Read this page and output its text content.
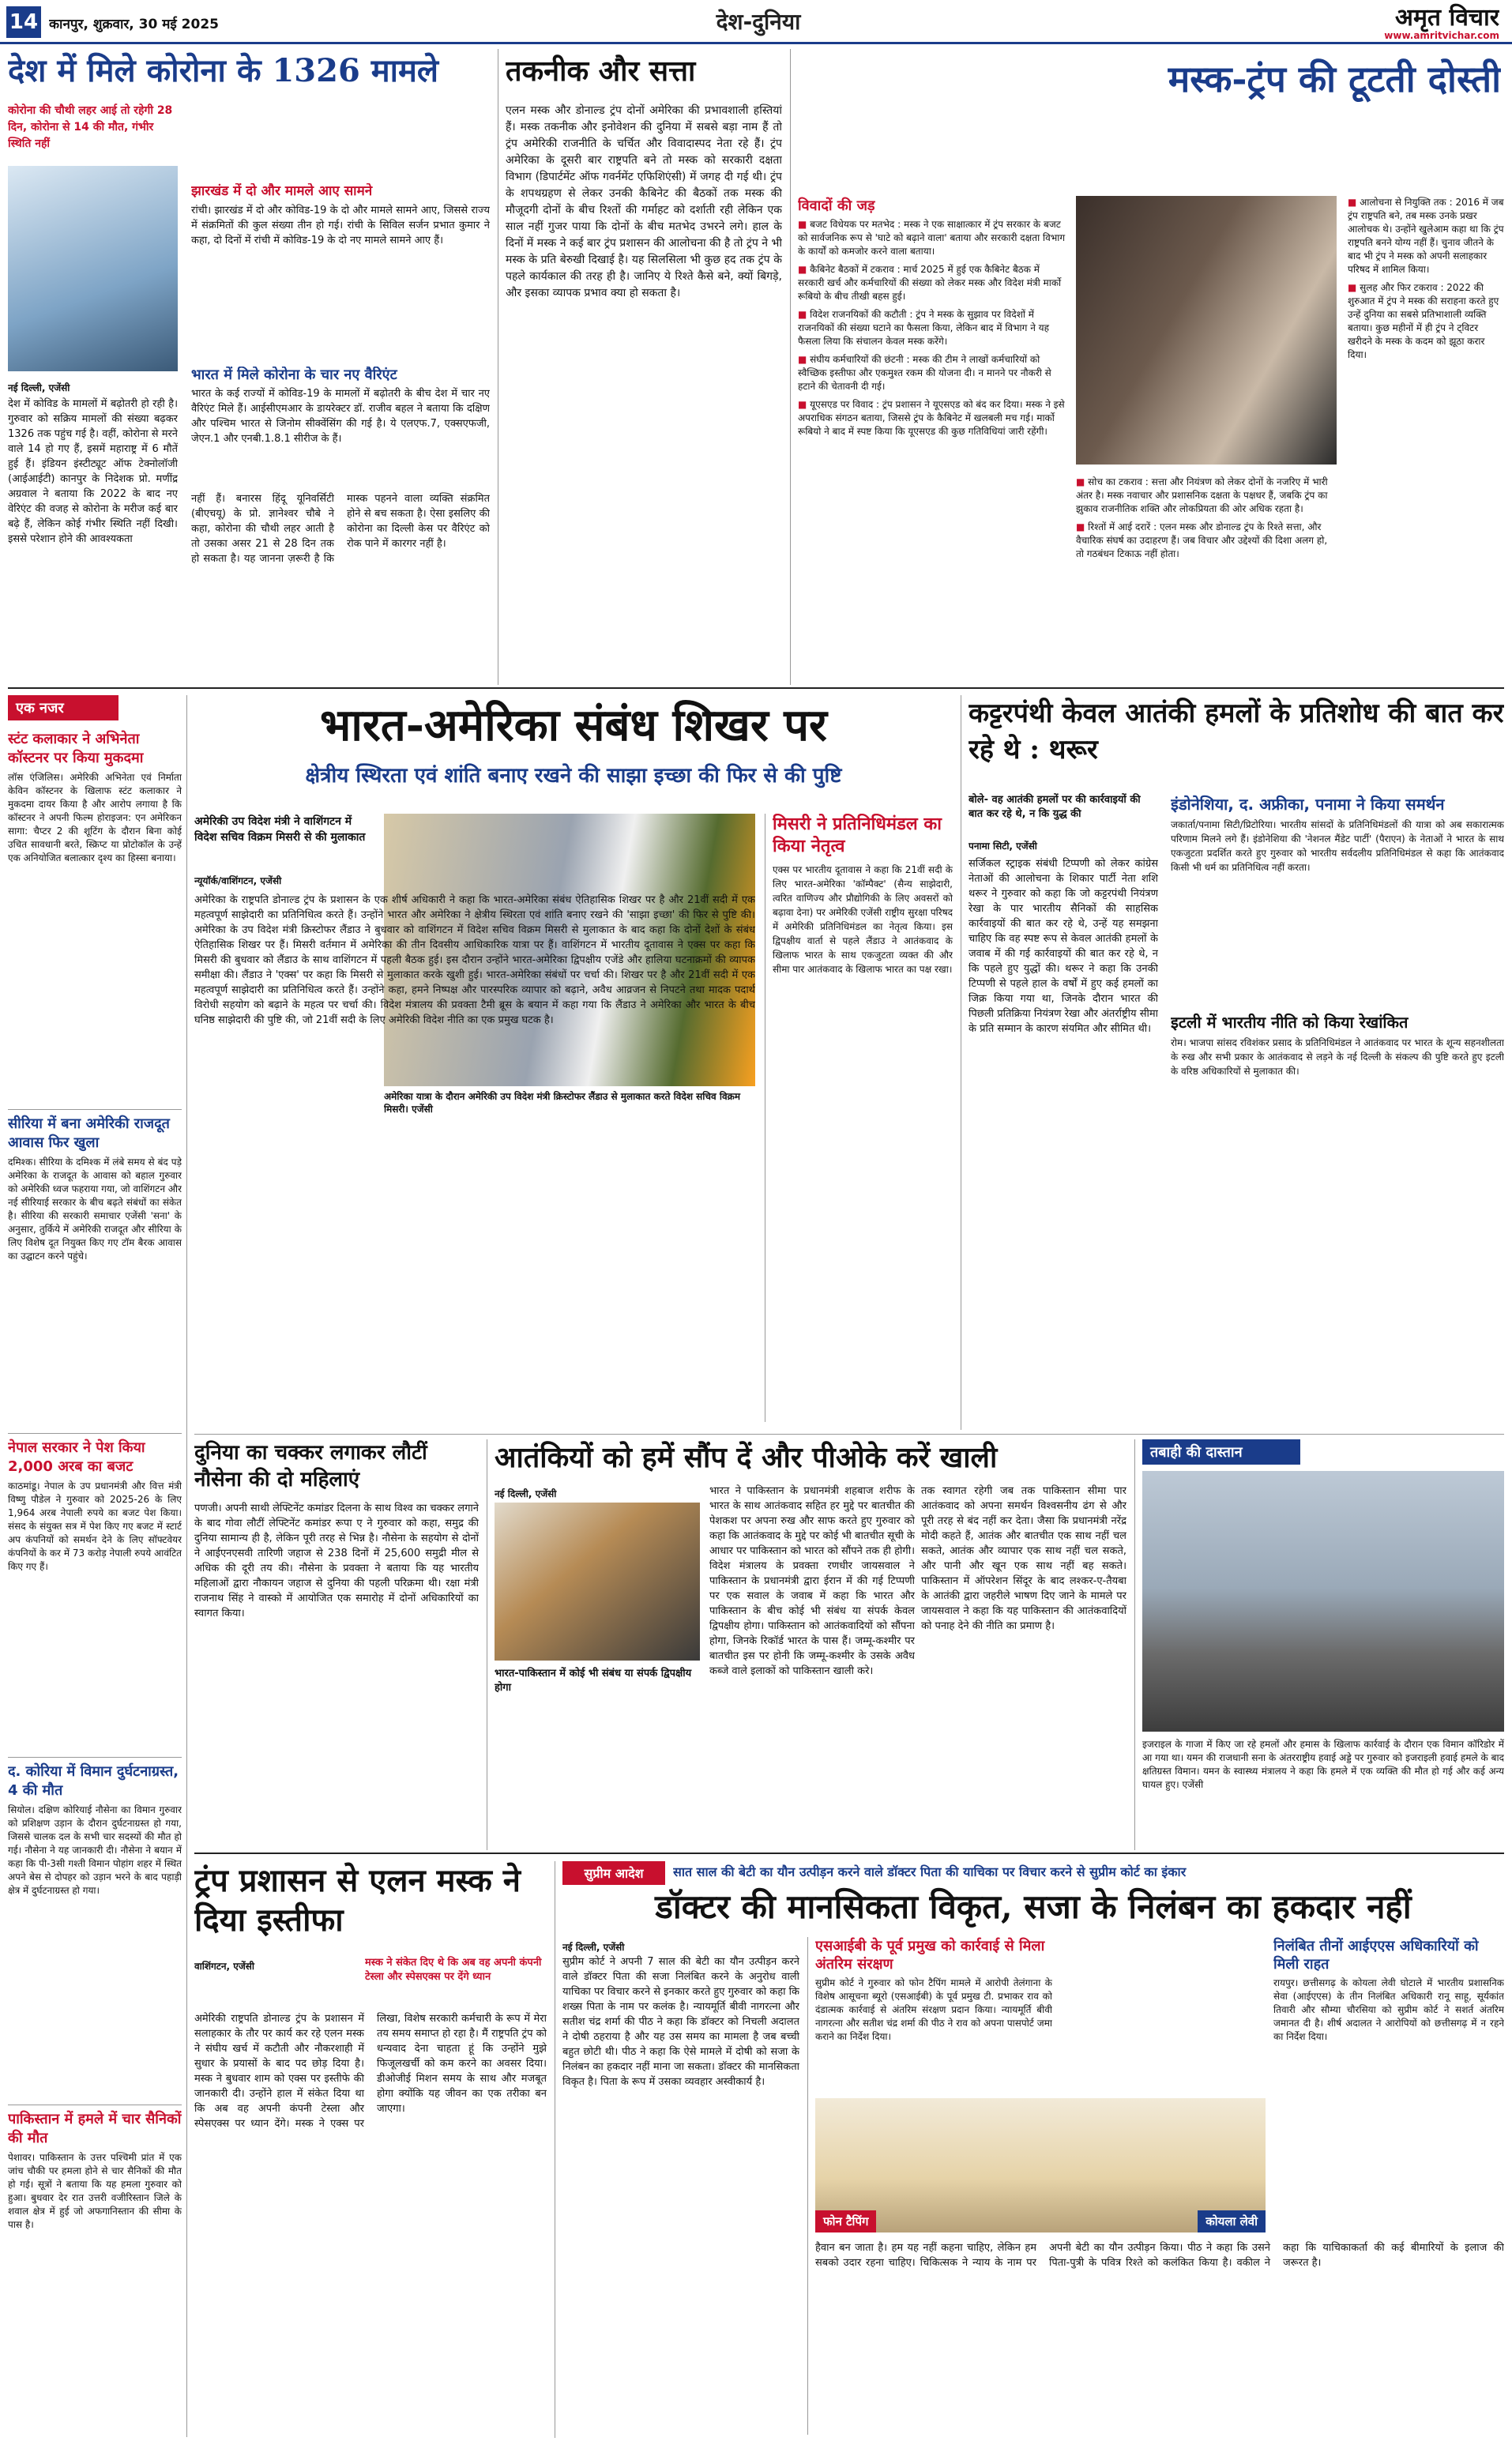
14 कानपुर, शुक्रवार, 30 मई 2025	देश-दुनिया	अमृत विचार
www.amritvichar.com
देश में मिले कोरोना के 1326 मामले
कोरोना की चौथी लहर आई तो रहेगी 28 दिन, कोरोना से 14 की मौत, गंभीर स्थिति नहीं
नई दिल्ली, एजेंसी
देश में कोविड के मामलों में बढ़ोतरी हो रही है। गुरुवार को सक्रिय मामलों की संख्या बढ़कर 1326 तक पहुंच गई है। वहीं, कोरोना से मरने वाले 14 हो गए हैं, इसमें महाराष्ट्र में 6 मौतें हुई हैं। इंडियन इंस्टीट्यूट ऑफ टेक्नोलॉजी (आईआईटी) कानपुर के निदेशक प्रो. मणींद्र अग्रवाल ने बताया कि 2022 के बाद नए वेरिएंट की वजह से कोरोना के मरीज कई बार बढ़े हैं, लेकिन कोई गंभीर स्थिति नहीं दिखी। इससे परेशान होने की आवश्यकता
झारखंड में दो और मामले आए सामने
रांची। झारखंड में दो और कोविड-19 के दो और मामले सामने आए, जिससे राज्य में संक्रमितों की कुल संख्या तीन हो गई। रांची के सिविल सर्जन प्रभात कुमार ने कहा, दो दिनों में रांची में कोविड-19 के दो नए मामले सामने आए हैं।
भारत में मिले कोरोना के चार नए वैरिएंट
भारत के कई राज्यों में कोविड-19 के मामलों में बढ़ोतरी के बीच देश में चार नए वैरिएंट मिले हैं। आईसीएमआर के डायरेक्टर डॉ. राजीव बहल ने बताया कि दक्षिण और पश्चिम भारत से जिनोम सीक्वेंसिंग की गई है। ये एलएफ.7, एक्सएफजी, जेएन.1 और एनबी.1.8.1 सीरीज के हैं।
नहीं हैं। बनारस हिंदू यूनिवर्सिटी (बीएचयू) के प्रो. ज्ञानेश्वर चौबे ने कहा, कोरोना की चौथी लहर आती है तो उसका असर 21 से 28 दिन तक हो सकता है। यह जानना ज़रूरी है कि मास्क पहनने वाला व्यक्ति संक्रमित होने से बच सकता है। ऐसा इसलिए की कोरोना का दिल्ली केस पर वैरिएंट को रोक पाने में कारगर नहीं है।
तकनीक और सत्ता
एलन मस्क और डोनाल्ड ट्रंप दोनों अमेरिका की प्रभावशाली हस्तियां हैं। मस्क तकनीक और इनोवेशन की दुनिया में सबसे बड़ा नाम हैं तो ट्रंप अमेरिकी राजनीति के चर्चित और विवादास्पद नेता रहे हैं। ट्रंप अमेरिका के दूसरी बार राष्ट्रपति बने तो मस्क को सरकारी दक्षता विभाग (डिपार्टमेंट ऑफ गवर्नमेंट एफिशिएंसी) में जगह दी गई थी। ट्रंप के शपथग्रहण से लेकर उनकी कैबिनेट की बैठकों तक मस्क की मौजूदगी दोनों के बीच रिश्तों की गर्माहट को दर्शाती रही लेकिन एक साल नहीं गुजर पाया कि दोनों के बीच मतभेद उभरने लगे। हाल के दिनों में मस्क ने कई बार ट्रंप प्रशासन की आलोचना की है तो ट्रंप ने भी मस्क के प्रति बेरुखी दिखाई है। यह सिलसिला भी कुछ हद तक ट्रंप के पहले कार्यकाल की तरह ही है। जानिए ये रिश्ते कैसे बने, क्यों बिगड़े, और इसका व्यापक प्रभाव क्या हो सकता है।
मस्क-ट्रंप की टूटती दोस्ती
विवादों की जड़
■ बजट विधेयक पर मतभेद : मस्क ने एक साक्षात्कार में ट्रंप सरकार के बजट को सार्वजनिक रूप से 'घाटे को बढ़ाने वाला' बताया और सरकारी दक्षता विभाग के कार्यों को कमजोर करने वाला बताया।
■ कैबिनेट बैठकों में टकराव : मार्च 2025 में हुई एक कैबिनेट बैठक में सरकारी खर्च और कर्मचारियों की संख्या को लेकर मस्क और विदेश मंत्री मार्को रूबियो के बीच तीखी बहस हुई।
■ विदेश राजनयिकों की कटौती : ट्रंप ने मस्क के सुझाव पर विदेशों में राजनयिकों की संख्या घटाने का फैसला किया, लेकिन बाद में विभाग ने यह फैसला लिया कि संचालन केवल मस्क करेंगे।
■ संघीय कर्मचारियों की छंटनी : मस्क की टीम ने लाखों कर्मचारियों को स्वैच्छिक इस्तीफा और एकमुश्त रकम की योजना दी। न मानने पर नौकरी से हटाने की चेतावनी दी गई।
■ यूएसएड पर विवाद : ट्रंप प्रशासन ने यूएसएड को बंद कर दिया। मस्क ने इसे अपराधिक संगठन बताया, जिससे ट्रंप के कैबिनेट में खलबली मच गई। मार्को रूबियो ने बाद में स्पष्ट किया कि यूएसएड की कुछ गतिविधियां जारी रहेंगी।
■ सोच का टकराव : सत्ता और नियंत्रण को लेकर दोनों के नजरिए में भारी अंतर है। मस्क नवाचार और प्रशासनिक दक्षता के पक्षधर हैं, जबकि ट्रंप का झुकाव राजनीतिक शक्ति और लोकप्रियता की ओर अधिक रहता है।
■ रिश्तों में आई दरारें : एलन मस्क और डोनाल्ड ट्रंप के रिश्ते सत्ता, और वैचारिक संघर्ष का उदाहरण हैं। जब विचार और उद्देश्यों की दिशा अलग हो, तो गठबंधन टिकाऊ नहीं होता।
■ आलोचना से नियुक्ति तक : 2016 में जब ट्रंप राष्ट्रपति बने, तब मस्क उनके प्रखर आलोचक थे। उन्होंने खुलेआम कहा था कि ट्रंप राष्ट्रपति बनने योग्य नहीं हैं। चुनाव जीतने के बाद भी ट्रंप ने मस्क को अपनी सलाहकार परिषद में शामिल किया।
■ सुलह और फिर टकराव : 2022 की शुरुआत में ट्रंप ने मस्क की सराहना करते हुए उन्हें दुनिया का सबसे प्रतिभाशाली व्यक्ति बताया। कुछ महीनों में ही ट्रंप ने ट्विटर खरीदने के मस्क के कदम को झूठा करार दिया।
एक नजर
स्टंट कलाकार ने अभिनेता कॉस्टनर पर किया मुकदमा
लॉस एंजिलिस। अमेरिकी अभिनेता एवं निर्माता केविन कॉस्टनर के खिलाफ स्टंट कलाकार ने मुकदमा दायर किया है और आरोप लगाया है कि कॉस्टनर ने अपनी फिल्म होराइजन: एन अमेरिकन सागा: चैप्टर 2 की शूटिंग के दौरान बिना कोई उचित सावधानी बरते, स्क्रिप्ट या प्रोटोकॉल के उन्हें एक अनियोजित बलात्कार दृश्य का हिस्सा बनाया।
सीरिया में बना अमेरिकी राजदूत आवास फिर खुला
दमिश्क। सीरिया के दमिश्क में लंबे समय से बंद पड़े अमेरिका के राजदूत के आवास को बहाल गुरुवार को अमेरिकी ध्वज फहराया गया, जो वाशिंगटन और नई सीरियाई सरकार के बीच बढ़ते संबंधों का संकेत है। सीरिया की सरकारी समाचार एजेंसी 'सना' के अनुसार, तुर्किये में अमेरिकी राजदूत और सीरिया के लिए विशेष दूत नियुक्त किए गए टॉम बैरक आवास का उद्घाटन करने पहुंचे।
नेपाल सरकार ने पेश किया 2,000 अरब का बजट
काठमांडू। नेपाल के उप प्रधानमंत्री और वित्त मंत्री विष्णु पौडेल ने गुरुवार को 2025-26 के लिए 1,964 अरब नेपाली रुपये का बजट पेश किया। संसद के संयुक्त सत्र में पेश किए गए बजट में स्टार्ट अप कंपनियों को समर्थन देने के लिए सॉफ्टवेयर कंपनियों के कर में 73 करोड़ नेपाली रुपये आवंटित किए गए हैं।
द. कोरिया में विमान दुर्घटनाग्रस्त, 4 की मौत
सियोल। दक्षिण कोरियाई नौसेना का विमान गुरुवार को प्रशिक्षण उड़ान के दौरान दुर्घटनाग्रस्त हो गया, जिससे चालक दल के सभी चार सदस्यों की मौत हो गई। नौसेना ने यह जानकारी दी। नौसेना ने बयान में कहा कि पी-3सी गश्ती विमान पोहांग शहर में स्थित अपने बेस से दोपहर को उड़ान भरने के बाद पहाड़ी क्षेत्र में दुर्घटनाग्रस्त हो गया।
पाकिस्तान में हमले में चार सैनिकों की मौत
पेशावर। पाकिस्तान के उत्तर पश्चिमी प्रांत में एक जांच चौकी पर हमला होने से चार सैनिकों की मौत हो गई। सूत्रों ने बताया कि यह हमला गुरुवार को हुआ। बुधवार देर रात उत्तरी वजीरिस्तान जिले के शवाल क्षेत्र में हुई जो अफगानिस्तान की सीमा के पास है।
भारत-अमेरिका संबंध शिखर पर
क्षेत्रीय स्थिरता एवं शांति बनाए रखने की साझा इच्छा की फिर से की पुष्टि
अमेरिकी उप विदेश मंत्री ने वाशिंगटन में विदेश सचिव विक्रम मिसरी से की मुलाकात
न्यूयॉर्क/वाशिंगटन, एजेंसी
अमेरिका यात्रा के दौरान अमेरिकी उप विदेश मंत्री क्रिस्टोफर लैंडाउ से मुलाकात करते विदेश सचिव विक्रम मिसरी। एजेंसी
अमेरिका के राष्ट्रपति डोनाल्ड ट्रंप के प्रशासन के एक शीर्ष अधिकारी ने कहा कि भारत-अमेरिका संबंध ऐतिहासिक शिखर पर है और 21वीं सदी में एक महत्वपूर्ण साझेदारी का प्रतिनिधित्व करते हैं। उन्होंने भारत और अमेरिका ने क्षेत्रीय स्थिरता एवं शांति बनाए रखने की 'साझा इच्छा' की फिर से पुष्टि की। अमेरिका के उप विदेश मंत्री क्रिस्टोफर लैंडाउ ने बुधवार को वाशिंगटन में विदेश सचिव विक्रम मिसरी से मुलाकात के बाद कहा कि दोनों देशों के संबंध ऐतिहासिक शिखर पर हैं। मिसरी वर्तमान में अमेरिका की तीन दिवसीय आधिकारिक यात्रा पर हैं। वाशिंगटन में भारतीय दूतावास ने एक्स पर कहा कि मिसरी की बुधवार को लैंडाउ के साथ वाशिंगटन में पहली बैठक हुई। इस दौरान उन्होंने भारत-अमेरिका द्विपक्षीय एजेंडे और हालिया घटनाक्रमों की व्यापक समीक्षा की। लैंडाउ ने 'एक्स' पर कहा कि मिसरी से मुलाकात करके खुशी हुई। भारत-अमेरिका संबंधों पर चर्चा की। शिखर पर है और 21वीं सदी में एक महत्वपूर्ण साझेदारी का प्रतिनिधित्व करते हैं। उन्होंने कहा, हमने निष्पक्ष और पारस्परिक व्यापार को बढ़ाने, अवैध आव्रजन से निपटने तथा मादक पदार्थ विरोधी सहयोग को बढ़ाने के महत्व पर चर्चा की। विदेश मंत्रालय की प्रवक्ता टैमी ब्रूस के बयान में कहा गया कि लैंडाउ ने अमेरिका और भारत के बीच घनिष्ठ साझेदारी की पुष्टि की, जो 21वीं सदी के लिए अमेरिकी विदेश नीति का एक प्रमुख घटक है।
मिसरी ने प्रतिनिधिमंडल का किया नेतृत्व
एक्स पर भारतीय दूतावास ने कहा कि 21वीं सदी के लिए भारत-अमेरिका 'कॉम्पैक्ट' (सैन्य साझेदारी, त्वरित वाणिज्य और प्रौद्योगिकी के लिए अवसरों को बढ़ावा देना) पर अमेरिकी एजेंसी राष्ट्रीय सुरक्षा परिषद में अमेरिकी प्रतिनिधिमंडल का नेतृत्व किया। इस द्विपक्षीय वार्ता से पहले लैंडाउ ने आतंकवाद के खिलाफ भारत के साथ एकजुटता व्यक्त की और सीमा पार आतंकवाद के खिलाफ भारत का पक्ष रखा।
कट्टरपंथी केवल आतंकी हमलों के प्रतिशोध की बात कर रहे थे : थरूर
बोले- वह आतंकी हमलों पर की कार्रवाइयों की बात कर रहे थे, न कि युद्ध की
पनामा सिटी, एजेंसी
सर्जिकल स्ट्राइक संबंधी टिप्पणी को लेकर कांग्रेस नेताओं की आलोचना के शिकार पार्टी नेता शशि थरूर ने गुरुवार को कहा कि जो कट्टरपंथी नियंत्रण रेखा के पार भारतीय सैनिकों की साहसिक कार्रवाइयों की बात कर रहे थे, उन्हें यह समझना चाहिए कि वह स्पष्ट रूप से केवल आतंकी हमलों के जवाब में की गई कार्रवाइयों की बात कर रहे थे, न कि पहले हुए युद्धों की। थरूर ने कहा कि उनकी टिप्पणी से पहले हाल के वर्षों में हुए कई हमलों का जिक्र किया गया था, जिनके दौरान भारत की पिछली प्रतिक्रिया नियंत्रण रेखा और अंतर्राष्ट्रीय सीमा के प्रति सम्मान के कारण संयमित और सीमित थी।
इंडोनेशिया, द. अफ्रीका, पनामा ने किया समर्थन
जकार्ता/पनामा सिटी/प्रिटोरिया। भारतीय सांसदों के प्रतिनिधिमंडलों की यात्रा को अब सकारात्मक परिणाम मिलने लगे हैं। इंडोनेशिया की 'नेशनल मैंडेट पार्टी' (पैराएन) के नेताओं ने भारत के साथ एकजुटता प्रदर्शित करते हुए गुरुवार को भारतीय सर्वदलीय प्रतिनिधिमंडल से कहा कि आतंकवाद किसी भी धर्म का प्रतिनिधित्व नहीं करता।
इटली में भारतीय नीति को किया रेखांकित
रोम। भाजपा सांसद रविशंकर प्रसाद के प्रतिनिधिमंडल ने आतंकवाद पर भारत के शून्य सहनशीलता के रुख और सभी प्रकार के आतंकवाद से लड़ने के नई दिल्ली के संकल्प की पुष्टि करते हुए इटली के वरिष्ठ अधिकारियों से मुलाकात की।
दुनिया का चक्कर लगाकर लौटीं नौसेना की दो महिलाएं
पणजी। अपनी साथी लेफ्टिनेंट कमांडर दिलना के साथ विश्व का चक्कर लगाने के बाद गोवा लौटीं लेफ्टिनेंट कमांडर रूपा ए ने गुरुवार को कहा, समुद्र की दुनिया सामान्य ही है, लेकिन पूरी तरह से भिन्न है। नौसेना के सहयोग से दोनों ने आईएनएसवी तारिणी जहाज से 238 दिनों में 25,600 समुद्री मील से अधिक की दूरी तय की। नौसेना के प्रवक्ता ने बताया कि यह भारतीय महिलाओं द्वारा नौकायन जहाज से दुनिया की पहली परिक्रमा थी। रक्षा मंत्री राजनाथ सिंह ने वास्को में आयोजित एक समारोह में दोनों अधिकारियों का स्वागत किया।
आतंकियों को हमें सौंप दें और पीओके करें खाली
नई दिल्ली, एजेंसी
भारत-पाकिस्तान में कोई भी संबंध या संपर्क द्विपक्षीय होगा
भारत ने पाकिस्तान के प्रधानमंत्री शहबाज शरीफ के भारत के साथ आतंकवाद सहित हर मुद्दे पर बातचीत की पेशकश पर अपना रुख और साफ करते हुए गुरुवार को कहा कि आतंकवाद के मुद्दे पर कोई भी बातचीत सूची के आधार पर पाकिस्तान को भारत को सौंपने तक ही होगी। विदेश मंत्रालय के प्रवक्ता रणधीर जायसवाल ने पाकिस्तान के प्रधानमंत्री द्वारा ईरान में की गई टिप्पणी पर एक सवाल के जवाब में कहा कि भारत और पाकिस्तान के बीच कोई भी संबंध या संपर्क केवल द्विपक्षीय होगा। पाकिस्तान को आतंकवादियों को सौंपना होगा, जिनके रिकॉर्ड भारत के पास हैं। जम्मू-कश्मीर पर बातचीत इस पर होनी कि जम्मू-कश्मीर के उसके अवैध कब्जे वाले इलाकों को पाकिस्तान खाली करे।
तक स्वागत रहेगी जब तक पाकिस्तान सीमा पार आतंकवाद को अपना समर्थन विश्वसनीय ढंग से और पूरी तरह से बंद नहीं कर देता। जैसा कि प्रधानमंत्री नरेंद्र मोदी कहते हैं, आतंक और बातचीत एक साथ नहीं चल सकते, आतंक और व्यापार एक साथ नहीं चल सकते, और पानी और खून एक साथ नहीं बह सकते। पाकिस्तान में ऑपरेशन सिंदूर के बाद लश्कर-ए-तैयबा के आतंकी द्वारा जहरीले भाषण दिए जाने के मामले पर जायसवाल ने कहा कि यह पाकिस्तान की आतंकवादियों को पनाह देने की नीति का प्रमाण है।
तबाही की दास्तान
इजराइल के गाजा में किए जा रहे हमलों और हमास के खिलाफ कार्रवाई के दौरान एक विमान कॉरिडोर में आ गया था। यमन की राजधानी सना के अंतरराष्ट्रीय हवाई अड्डे पर गुरुवार को इजराइली हवाई हमले के बाद क्षतिग्रस्त विमान। यमन के स्वास्थ्य मंत्रालय ने कहा कि हमले में एक व्यक्ति की मौत हो गई और कई अन्य घायल हुए। एजेंसी
ट्रंप प्रशासन से एलन मस्क ने दिया इस्तीफा
वाशिंगटन, एजेंसी	मस्क ने संकेत दिए थे कि अब वह अपनी कंपनी टेस्ला और स्पेसएक्स पर देंगे ध्यान
अमेरिकी राष्ट्रपति डोनाल्ड ट्रंप के प्रशासन में सलाहकार के तौर पर कार्य कर रहे एलन मस्क ने संघीय खर्च में कटौती और नौकरशाही में सुधार के प्रयासों के बाद पद छोड़ दिया है। मस्क ने बुधवार शाम को एक्स पर इस्तीफे की जानकारी दी। उन्होंने हाल में संकेत दिया था कि अब वह अपनी कंपनी टेस्ला और स्पेसएक्स पर ध्यान देंगे। मस्क ने एक्स पर लिखा, विशेष सरकारी कर्मचारी के रूप में मेरा तय समय समाप्त हो रहा है। मैं राष्ट्रपति ट्रंप को धन्यवाद देना चाहता हूं कि उन्होंने मुझे फिजूलखर्ची को कम करने का अवसर दिया। डीओजीई मिशन समय के साथ और मजबूत होगा क्योंकि यह जीवन का एक तरीका बन जाएगा।
सुप्रीम आदेश	सात साल की बेटी का यौन उत्पीड़न करने वाले डॉक्टर पिता की याचिका पर विचार करने से सुप्रीम कोर्ट का इंकार
डॉक्टर की मानसिकता विकृत, सजा के निलंबन का हकदार नहीं
नई दिल्ली, एजेंसी
सुप्रीम कोर्ट ने अपनी 7 साल की बेटी का यौन उत्पीड़न करने वाले डॉक्टर पिता की सजा निलंबित करने के अनुरोध वाली याचिका पर विचार करने से इनकार करते हुए गुरुवार को कहा कि शख्स पिता के नाम पर कलंक है। न्यायमूर्ति बीवी नागरत्ना और सतीश चंद्र शर्मा की पीठ ने कहा कि डॉक्टर को निचली अदालत ने दोषी ठहराया है और यह उस समय का मामला है जब बच्ची बहुत छोटी थी। पीठ ने कहा कि ऐसे मामले में दोषी को सजा के निलंबन का हकदार नहीं माना जा सकता। डॉक्टर की मानसिकता विकृत है। पिता के रूप में उसका व्यवहार अस्वीकार्य है।
एसआईबी के पूर्व प्रमुख को कार्रवाई से मिला अंतरिम संरक्षण
सुप्रीम कोर्ट ने गुरुवार को फोन टैपिंग मामले में आरोपी तेलंगाना के विशेष आसूचना ब्यूरो (एसआईबी) के पूर्व प्रमुख टी. प्रभाकर राव को दंडात्मक कार्रवाई से अंतरिम संरक्षण प्रदान किया। न्यायमूर्ति बीवी नागरत्ना और सतीश चंद्र शर्मा की पीठ ने राव को अपना पासपोर्ट जमा कराने का निर्देश दिया।
फोन टैपिंग	कोयला लेवी
निलंबित तीनों आईएएस अधिकारियों को मिली राहत
रायपुर। छत्तीसगढ़ के कोयला लेवी घोटाले में भारतीय प्रशासनिक सेवा (आईएएस) के तीन निलंबित अधिकारी रानू साहू, सूर्यकांत तिवारी और सौम्या चौरसिया को सुप्रीम कोर्ट ने सशर्त अंतरिम जमानत दी है। शीर्ष अदालत ने आरोपियों को छत्तीसगढ़ में न रहने का निर्देश दिया।
हैवान बन जाता है। हम यह नहीं कहना चाहिए, लेकिन हम सबको उदार रहना चाहिए। चिकित्सक ने न्याय के नाम पर अपनी बेटी का यौन उत्पीड़न किया। पीठ ने कहा कि उसने पिता-पुत्री के पवित्र रिश्ते को कलंकित किया है। वकील ने कहा कि याचिकाकर्ता की कई बीमारियों के इलाज की जरूरत है।
